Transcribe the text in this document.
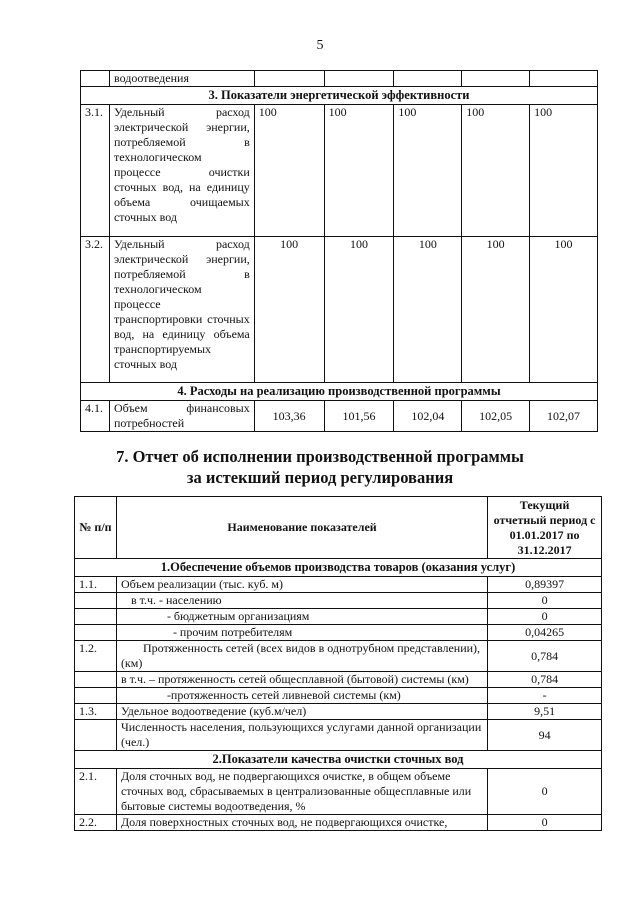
5
	водоотведения					
3. Показатели энергетической эффективности						
3.1.	Удельный расход электрической энергии, потребляемой в технологическом процессе очистки сточных вод, на единицу объема очищаемых сточных вод	100	100	100	100	100
3.2.	Удельный расход электрической энергии, потребляемой в технологическом процессе транспортировки сточных вод, на единицу объема транспортируемых сточных вод	100	100	100	100	100
4. Расходы на реализацию производственной программы						
4.1.	Объем финансовых потребностей	103,36	101,56	102,04	102,05	102,07
7. Отчет об исполнении производственной программы
за истекший период регулирования
№ п/п	Наименование показателей	Текущий отчетный период с 01.01.2017 по 31.12.2017
1.Обеспечение объемов производства товаров (оказания услуг)		
1.1.	Объем реализации (тыс. куб. м)	0,89397
	в т.ч. - населению	0
	- бюджетным организациям	0
	- прочим потребителям	0,04265
1.2.	Протяженность сетей (всех видов в однотрубном представлении), (км)	0,784
	в т.ч. – протяженность сетей общесплавной (бытовой) системы (км)	0,784
	-протяженность сетей ливневой системы (км)	-
1.3.	Удельное водоотведение (куб.м/чел)	9,51
	Численность населения, пользующихся услугами данной организации (чел.)	94
2.Показатели качества очистки сточных вод		
2.1.	Доля сточных вод, не подвергающихся очистке, в общем объеме сточных вод, сбрасываемых в централизованные общесплавные или бытовые системы водоотведения, %	0
2.2.	Доля поверхностных сточных вод, не подвергающихся очистке,	0
